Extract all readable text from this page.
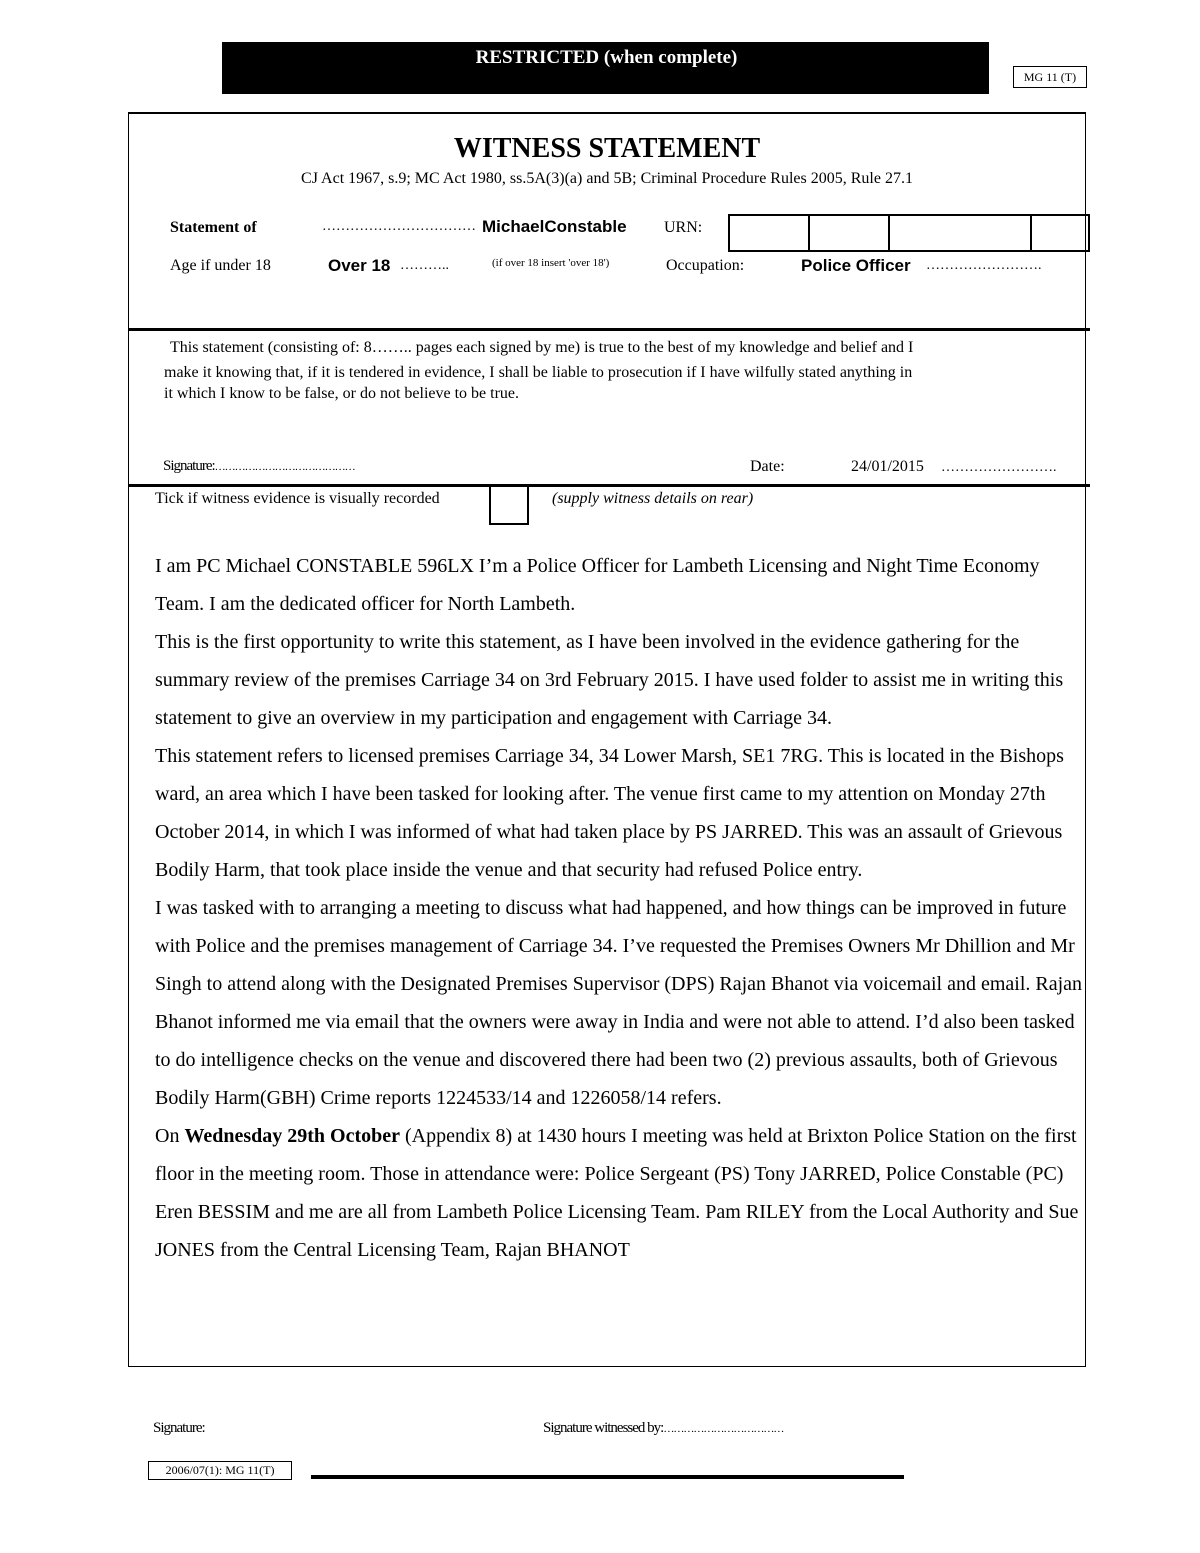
RESTRICTED (when complete)
MG 11 (T)
WITNESS STATEMENT
CJ Act 1967, s.9; MC Act 1980, ss.5A(3)(a) and 5B; Criminal Procedure Rules 2005, Rule 27.1
Statement of	…………………………… MichaelConstable URN:
Age if under 18	Over 18 ………..	(if over 18 insert 'over 18')	Occupation:	Police Officer …………………….
This statement (consisting of: 8…….. pages each signed by me) is true to the best of my knowledge and belief and I
make it knowing that, if it is tendered in evidence, I shall be liable to prosecution if I have wilfully stated anything in
it which I know to be false, or do not believe to be true.
Signature:……………………………………	Date:	24/01/2015 …………………….
Tick if witness evidence is visually recorded	(supply witness details on rear)

I am PC Michael CONSTABLE 596LX I’m a Police Officer for Lambeth Licensing and Night Time Economy Team. I am the dedicated officer for North Lambeth.

This is the first opportunity to write this statement, as I have been involved in the evidence gathering for the summary review of the premises Carriage 34 on 3rd February 2015. I have used folder to assist me in writing this statement to give an overview in my participation and engagement with Carriage 34.

This statement refers to licensed premises Carriage 34, 34 Lower Marsh, SE1 7RG. This is located in the Bishops ward, an area which I have been tasked for looking after. The venue first came to my attention on Monday 27th October 2014, in which I was informed of what had taken place by PS JARRED. This was an assault of Grievous Bodily Harm, that took place inside the venue and that security had refused Police entry.

I was tasked with to arranging a meeting to discuss what had happened, and how things can be improved in future with Police and the premises management of Carriage 34. I’ve requested the Premises Owners Mr Dhillion and Mr Singh to attend along with the Designated Premises Supervisor (DPS) Rajan Bhanot via voicemail and email. Rajan Bhanot informed me via email that the owners were away in India and were not able to attend. I’d also been tasked to do intelligence checks on the venue and discovered there had been two (2) previous assaults, both of Grievous Bodily Harm(GBH) Crime reports 1224533/14 and 1226058/14 refers.

On Wednesday 29th October (Appendix 8) at 1430 hours I meeting was held at Brixton Police Station on the first floor in the meeting room. Those in attendance were: Police Sergeant (PS) Tony JARRED, Police Constable (PC) Eren BESSIM and me are all from Lambeth Police Licensing Team. Pam RILEY from the Local Authority and Sue JONES from the Central Licensing Team, Rajan BHANOT

Signature:	Signature witnessed by:………………………………
2006/07(1): MG 11(T)
